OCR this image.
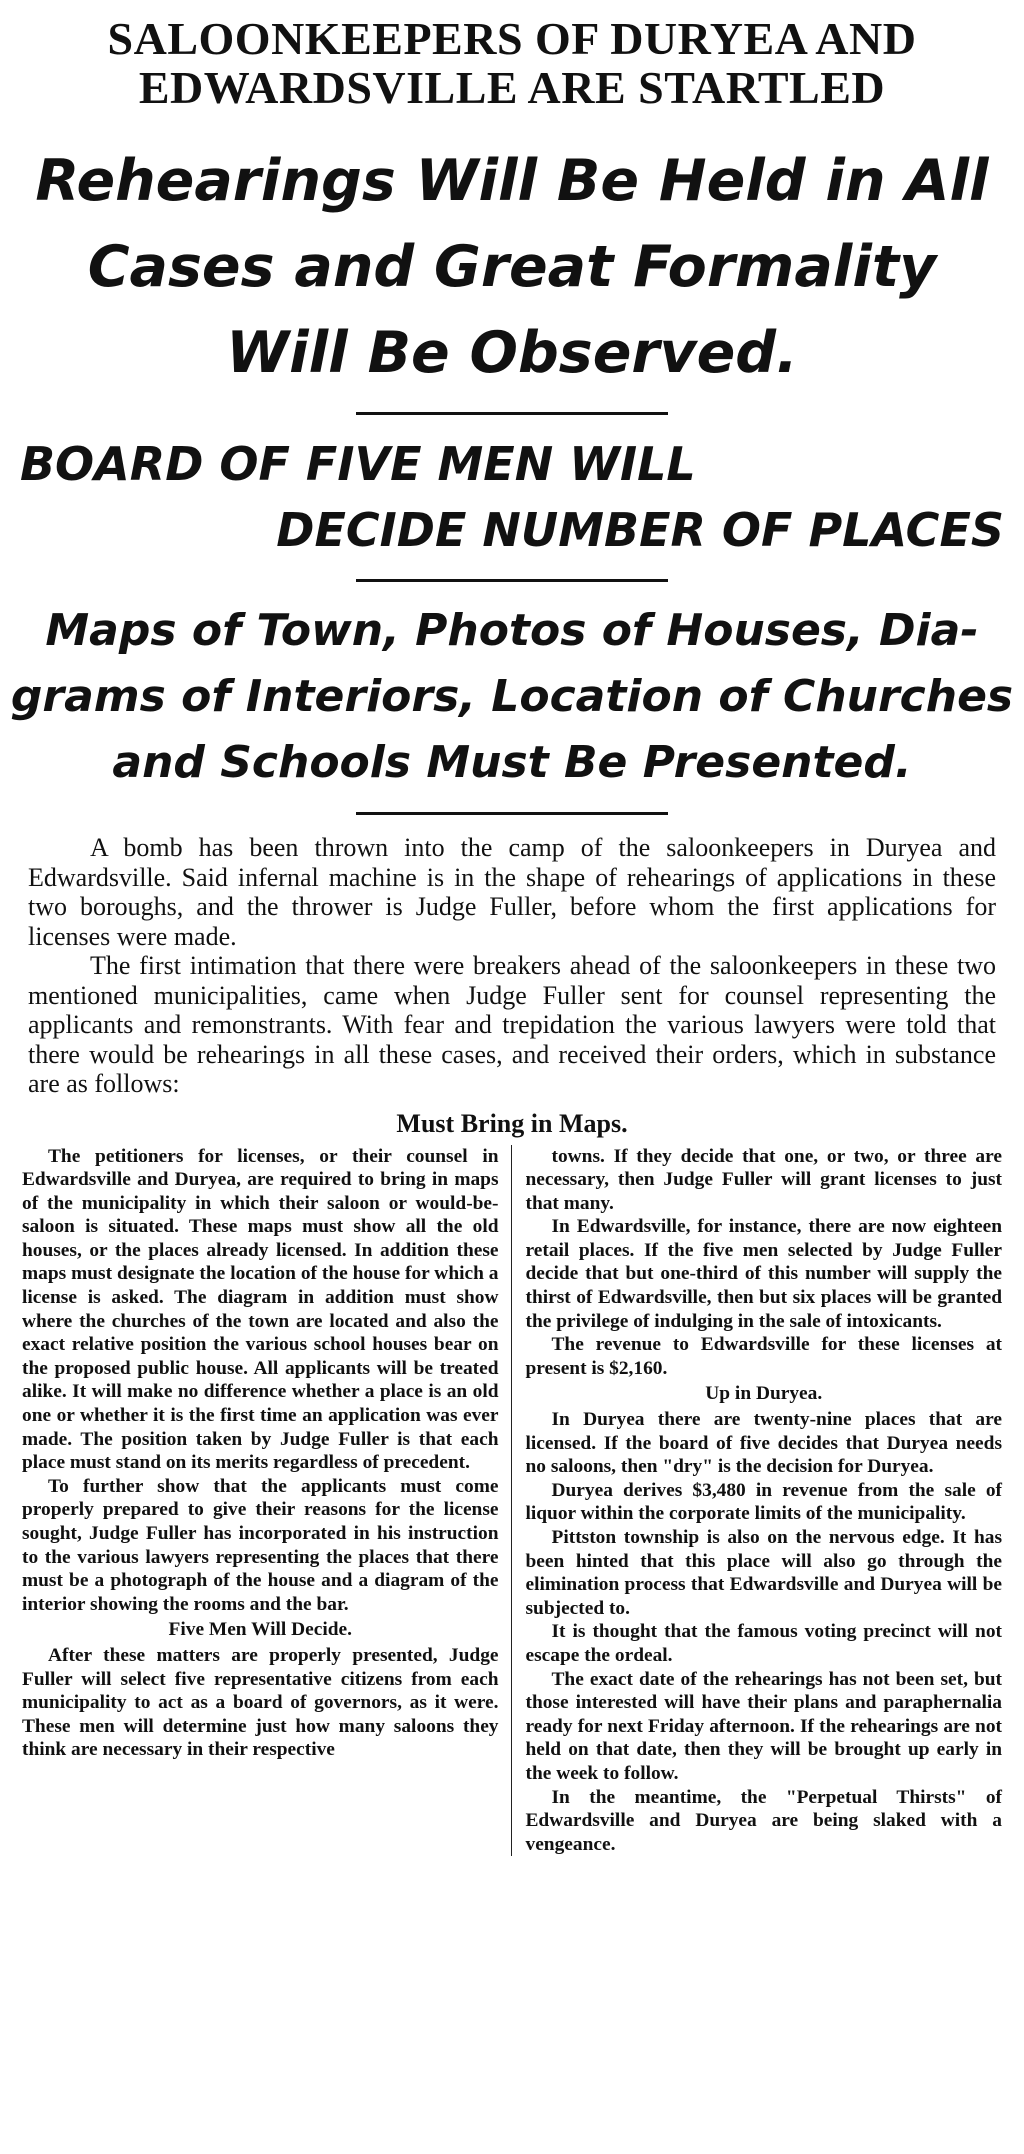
SALOONKEEPERS OF DURYEA AND
EDWARDSVILLE ARE STARTLED
Rehearings Will Be Held in All
Cases and Great Formality
Will Be Observed.
BOARD OF FIVE MEN WILL
DECIDE NUMBER OF PLACES
Maps of Town, Photos of Houses, Dia-
grams of Interiors, Location of Churches
and Schools Must Be Presented.

A bomb has been thrown into the camp of the saloonkeepers in Duryea and Edwardsville. Said infernal machine is in the shape of rehearings of applications in these two boroughs, and the thrower is Judge Fuller, before whom the first applications for licenses were made.

The first intimation that there were breakers ahead of the saloonkeepers in these two mentioned municipalities, came when Judge Fuller sent for counsel representing the applicants and remonstrants. With fear and trepidation the various lawyers were told that there would be rehearings in all these cases, and received their orders, which in substance are as follows:

Must Bring in Maps.

The petitioners for licenses, or their counsel in Edwardsville and Duryea, are required to bring in maps of the municipality in which their saloon or would-be-saloon is situated. These maps must show all the old houses, or the places already licensed. In addition these maps must designate the location of the house for which a license is asked. The diagram in addition must show where the churches of the town are located and also the exact relative position the various school houses bear on the proposed public house. All applicants will be treated alike. It will make no difference whether a place is an old one or whether it is the first time an application was ever made. The position taken by Judge Fuller is that each place must stand on its merits regardless of precedent.

To further show that the applicants must come properly prepared to give their reasons for the license sought, Judge Fuller has incorporated in his instruction to the various lawyers representing the places that there must be a photograph of the house and a diagram of the interior showing the rooms and the bar.

Five Men Will Decide.

After these matters are properly presented, Judge Fuller will select five representative citizens from each municipality to act as a board of governors, as it were. These men will determine just how many saloons they think are necessary in their respective

towns. If they decide that one, or two, or three are necessary, then Judge Fuller will grant licenses to just that many.

In Edwardsville, for instance, there are now eighteen retail places. If the five men selected by Judge Fuller decide that but one-third of this number will supply the thirst of Edwardsville, then but six places will be granted the privilege of indulging in the sale of intoxicants.

The revenue to Edwardsville for these licenses at present is $2,160.

Up in Duryea.

In Duryea there are twenty-nine places that are licensed. If the board of five decides that Duryea needs no saloons, then "dry" is the decision for Duryea.

Duryea derives $3,480 in revenue from the sale of liquor within the corporate limits of the municipality.

Pittston township is also on the nervous edge. It has been hinted that this place will also go through the elimination process that Edwardsville and Duryea will be subjected to.

It is thought that the famous voting precinct will not escape the ordeal.

The exact date of the rehearings has not been set, but those interested will have their plans and paraphernalia ready for next Friday afternoon. If the rehearings are not held on that date, then they will be brought up early in the week to follow.

In the meantime, the "Perpetual Thirsts" of Edwardsville and Duryea are being slaked with a vengeance.
